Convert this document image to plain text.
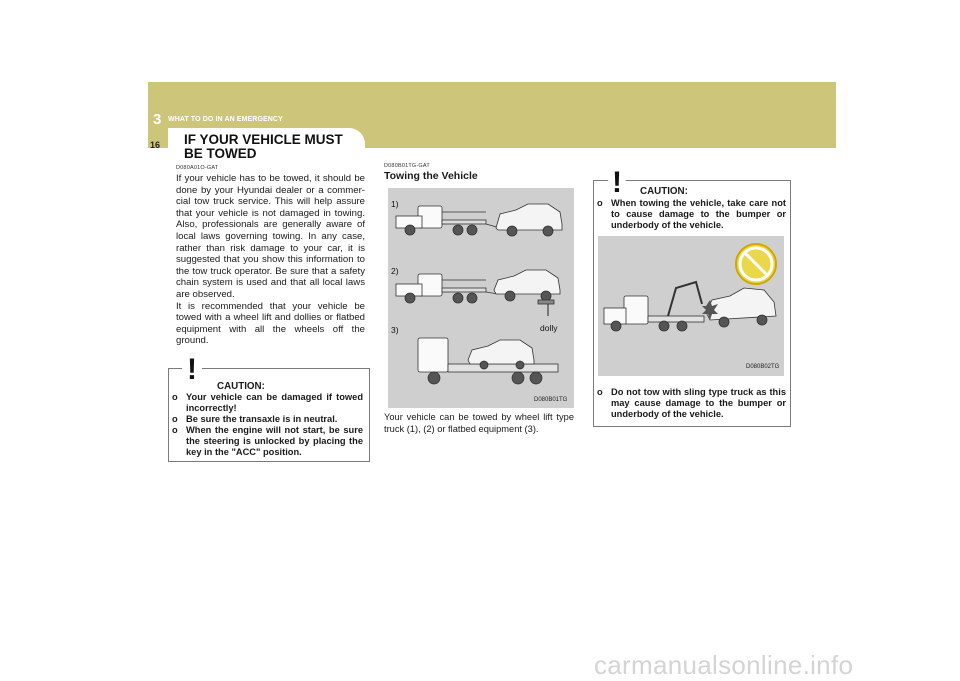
3 WHAT TO DO IN AN EMERGENCY
16 IF YOUR VEHICLE MUST BE TOWED
D080A01O-GAT

If your vehicle has to be towed, it should be done by your Hyundai dealer or a commer-cial tow truck service. This will help assure that your vehicle is not damaged in towing. Also, professionals are generally aware of local laws governing towing. In any case, rather than risk damage to your car, it is suggested that you show this information to the tow truck operator. Be sure that a safety chain system is used and that all local laws are observed.

It is recommended that your vehicle be towed with a wheel lift and dollies or flatbed equipment with all the wheels off the ground.

CAUTION:
o Your vehicle can be damaged if towed incorrectly!
o Be sure the transaxle is in neutral.
o When the engine will not start, be sure the steering is unlocked by placing the key in the "ACC" position.
!
D080B01TG-GAT
Towing the Vehicle
1)
2)
3)	dolly
D080B01TG
Your vehicle can be towed by wheel lift type truck (1), (2) or flatbed equipment (3).
CAUTION:
o When towing the vehicle, take care not to cause damage to the bumper or underbody of the vehicle.
D080B02TG
o Do not tow with sling type truck as this may cause damage to the bumper or underbody of the vehicle.
!
carmanualsonline.info
